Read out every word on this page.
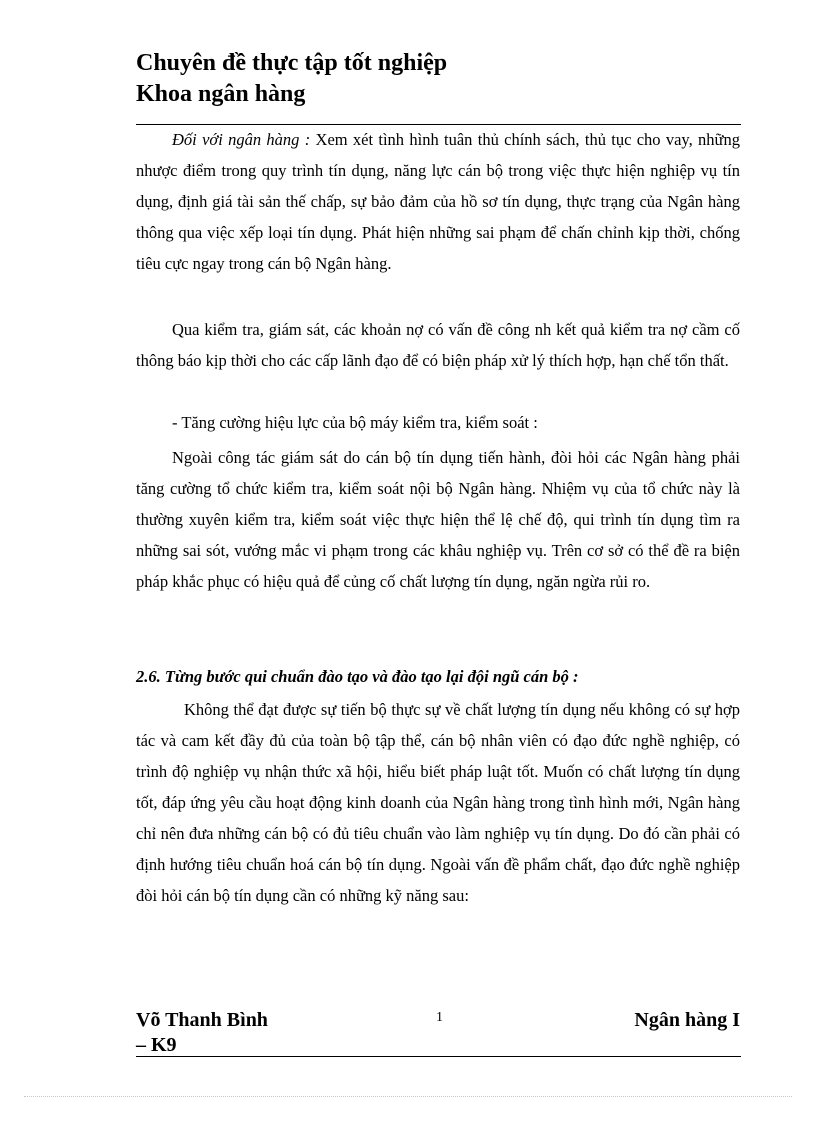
Chuyên đề thực tập tốt nghiệp

Khoa ngân hàng

Đối với ngân hàng : Xem xét tình hình tuân thủ chính sách, thủ tục cho vay, những nhược điểm trong quy trình tín dụng, năng lực cán bộ trong việc thực hiện nghiệp vụ tín dụng, định giá tài sản thế chấp, sự bảo đảm của hồ sơ tín dụng, thực trạng của Ngân hàng thông qua việc xếp loại tín dụng. Phát hiện những sai phạm để chấn chỉnh kịp thời, chống tiêu cực ngay trong cán bộ Ngân hàng.

Qua kiểm tra, giám sát, các khoản nợ có vấn đề công nh kết quả kiểm tra nợ cầm cố thông báo kịp thời cho các cấp lãnh đạo để có biện pháp xử lý thích hợp, hạn chế tổn thất.

- Tăng cường hiệu lực của bộ máy kiểm tra, kiểm soát :

Ngoài công tác giám sát do cán bộ tín dụng tiến hành, đòi hỏi các Ngân hàng phải tăng cường tổ chức kiểm tra, kiểm soát nội bộ Ngân hàng. Nhiệm vụ của tổ chức này là thường xuyên kiểm tra, kiểm soát việc thực hiện thể lệ chế độ, qui trình tín dụng tìm ra những sai sót, vướng mắc vi phạm trong các khâu nghiệp vụ. Trên cơ sở có thể đề ra biện pháp khắc phục có hiệu quả để củng cố chất lượng tín dụng, ngăn ngừa rủi ro.

2.6. Từng bước qui chuẩn đào tạo và đào tạo lại đội ngũ cán bộ :

Không thể đạt được sự tiến bộ thực sự về chất lượng tín dụng nếu không có sự hợp tác và cam kết đầy đủ của toàn bộ tập thể, cán bộ nhân viên có đạo đức nghề nghiệp, có trình độ nghiệp vụ nhận thức xã hội, hiểu biết pháp luật tốt. Muốn có chất lượng tín dụng tốt, đáp ứng yêu cầu hoạt động kinh doanh của Ngân hàng trong tình hình mới, Ngân hàng chỉ nên đưa những cán bộ có đủ tiêu chuẩn vào làm nghiệp vụ tín dụng. Do đó cần phải có định hướng tiêu chuẩn hoá cán bộ tín dụng. Ngoài vấn đề phẩm chất, đạo đức nghề nghiệp đòi hỏi cán bộ tín dụng cần có những kỹ năng sau:

Võ Thanh Bình
– K9
1	Ngân hàng I
